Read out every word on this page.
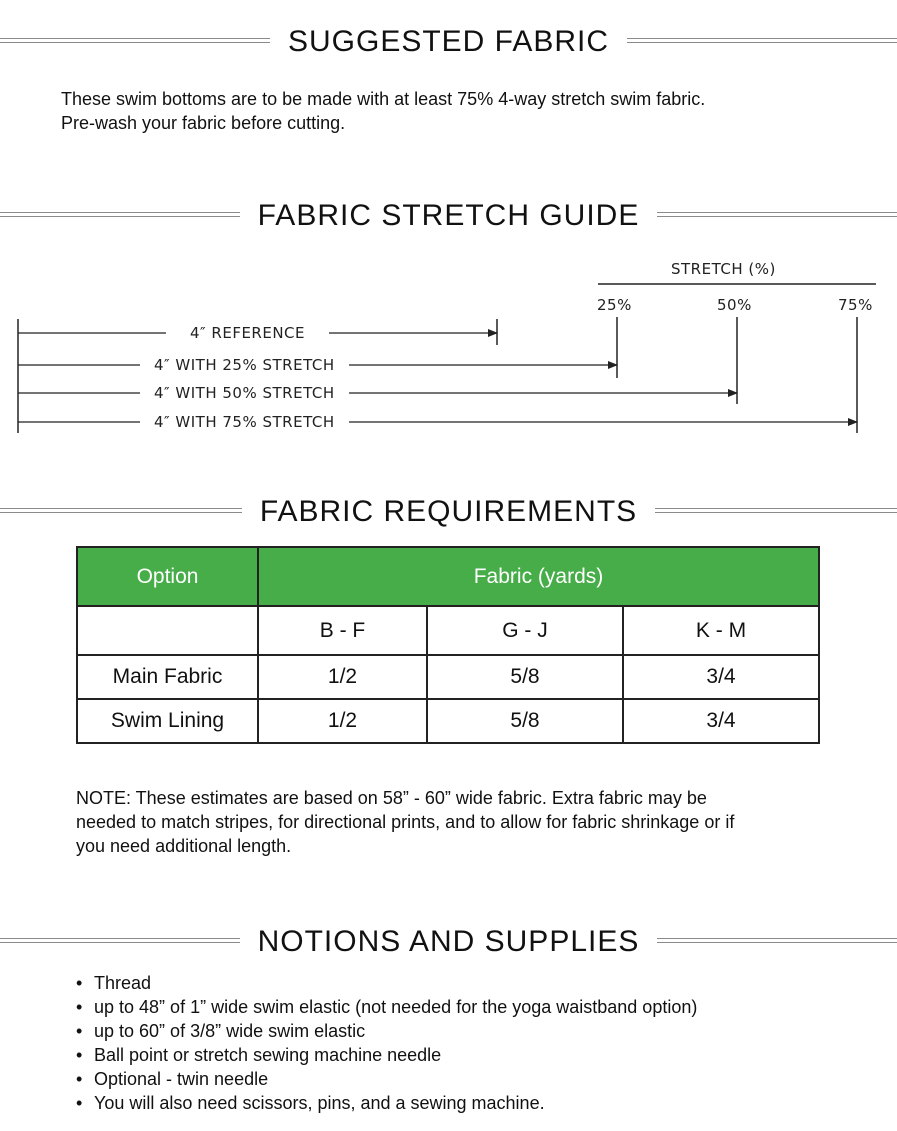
SUGGESTED FABRIC
These swim bottoms are to be made with at least 75% 4-way stretch swim fabric.
Pre-wash your fabric before cutting.
FABRIC STRETCH GUIDE
STRETCH (%)
25%	50%	75%
4″ REFERENCE
4″ WITH 25% STRETCH
4″ WITH 50% STRETCH
4″ WITH 75% STRETCH
FABRIC REQUIREMENTS
Option	Fabric (yards)		
	B - F	G - J	K - M
Main Fabric	1/2	5/8	3/4
Swim Lining	1/2	5/8	3/4
NOTE: These estimates are based on 58” - 60” wide fabric. Extra fabric may be
needed to match stripes, for directional prints, and to allow for fabric shrinkage or if
you need additional length.
NOTIONS AND SUPPLIES
• Thread
• up to 48” of 1” wide swim elastic (not needed for the yoga waistband option)
• up to 60” of 3/8” wide swim elastic
• Ball point or stretch sewing machine needle
• Optional - twin needle
• You will also need scissors, pins, and a sewing machine.
